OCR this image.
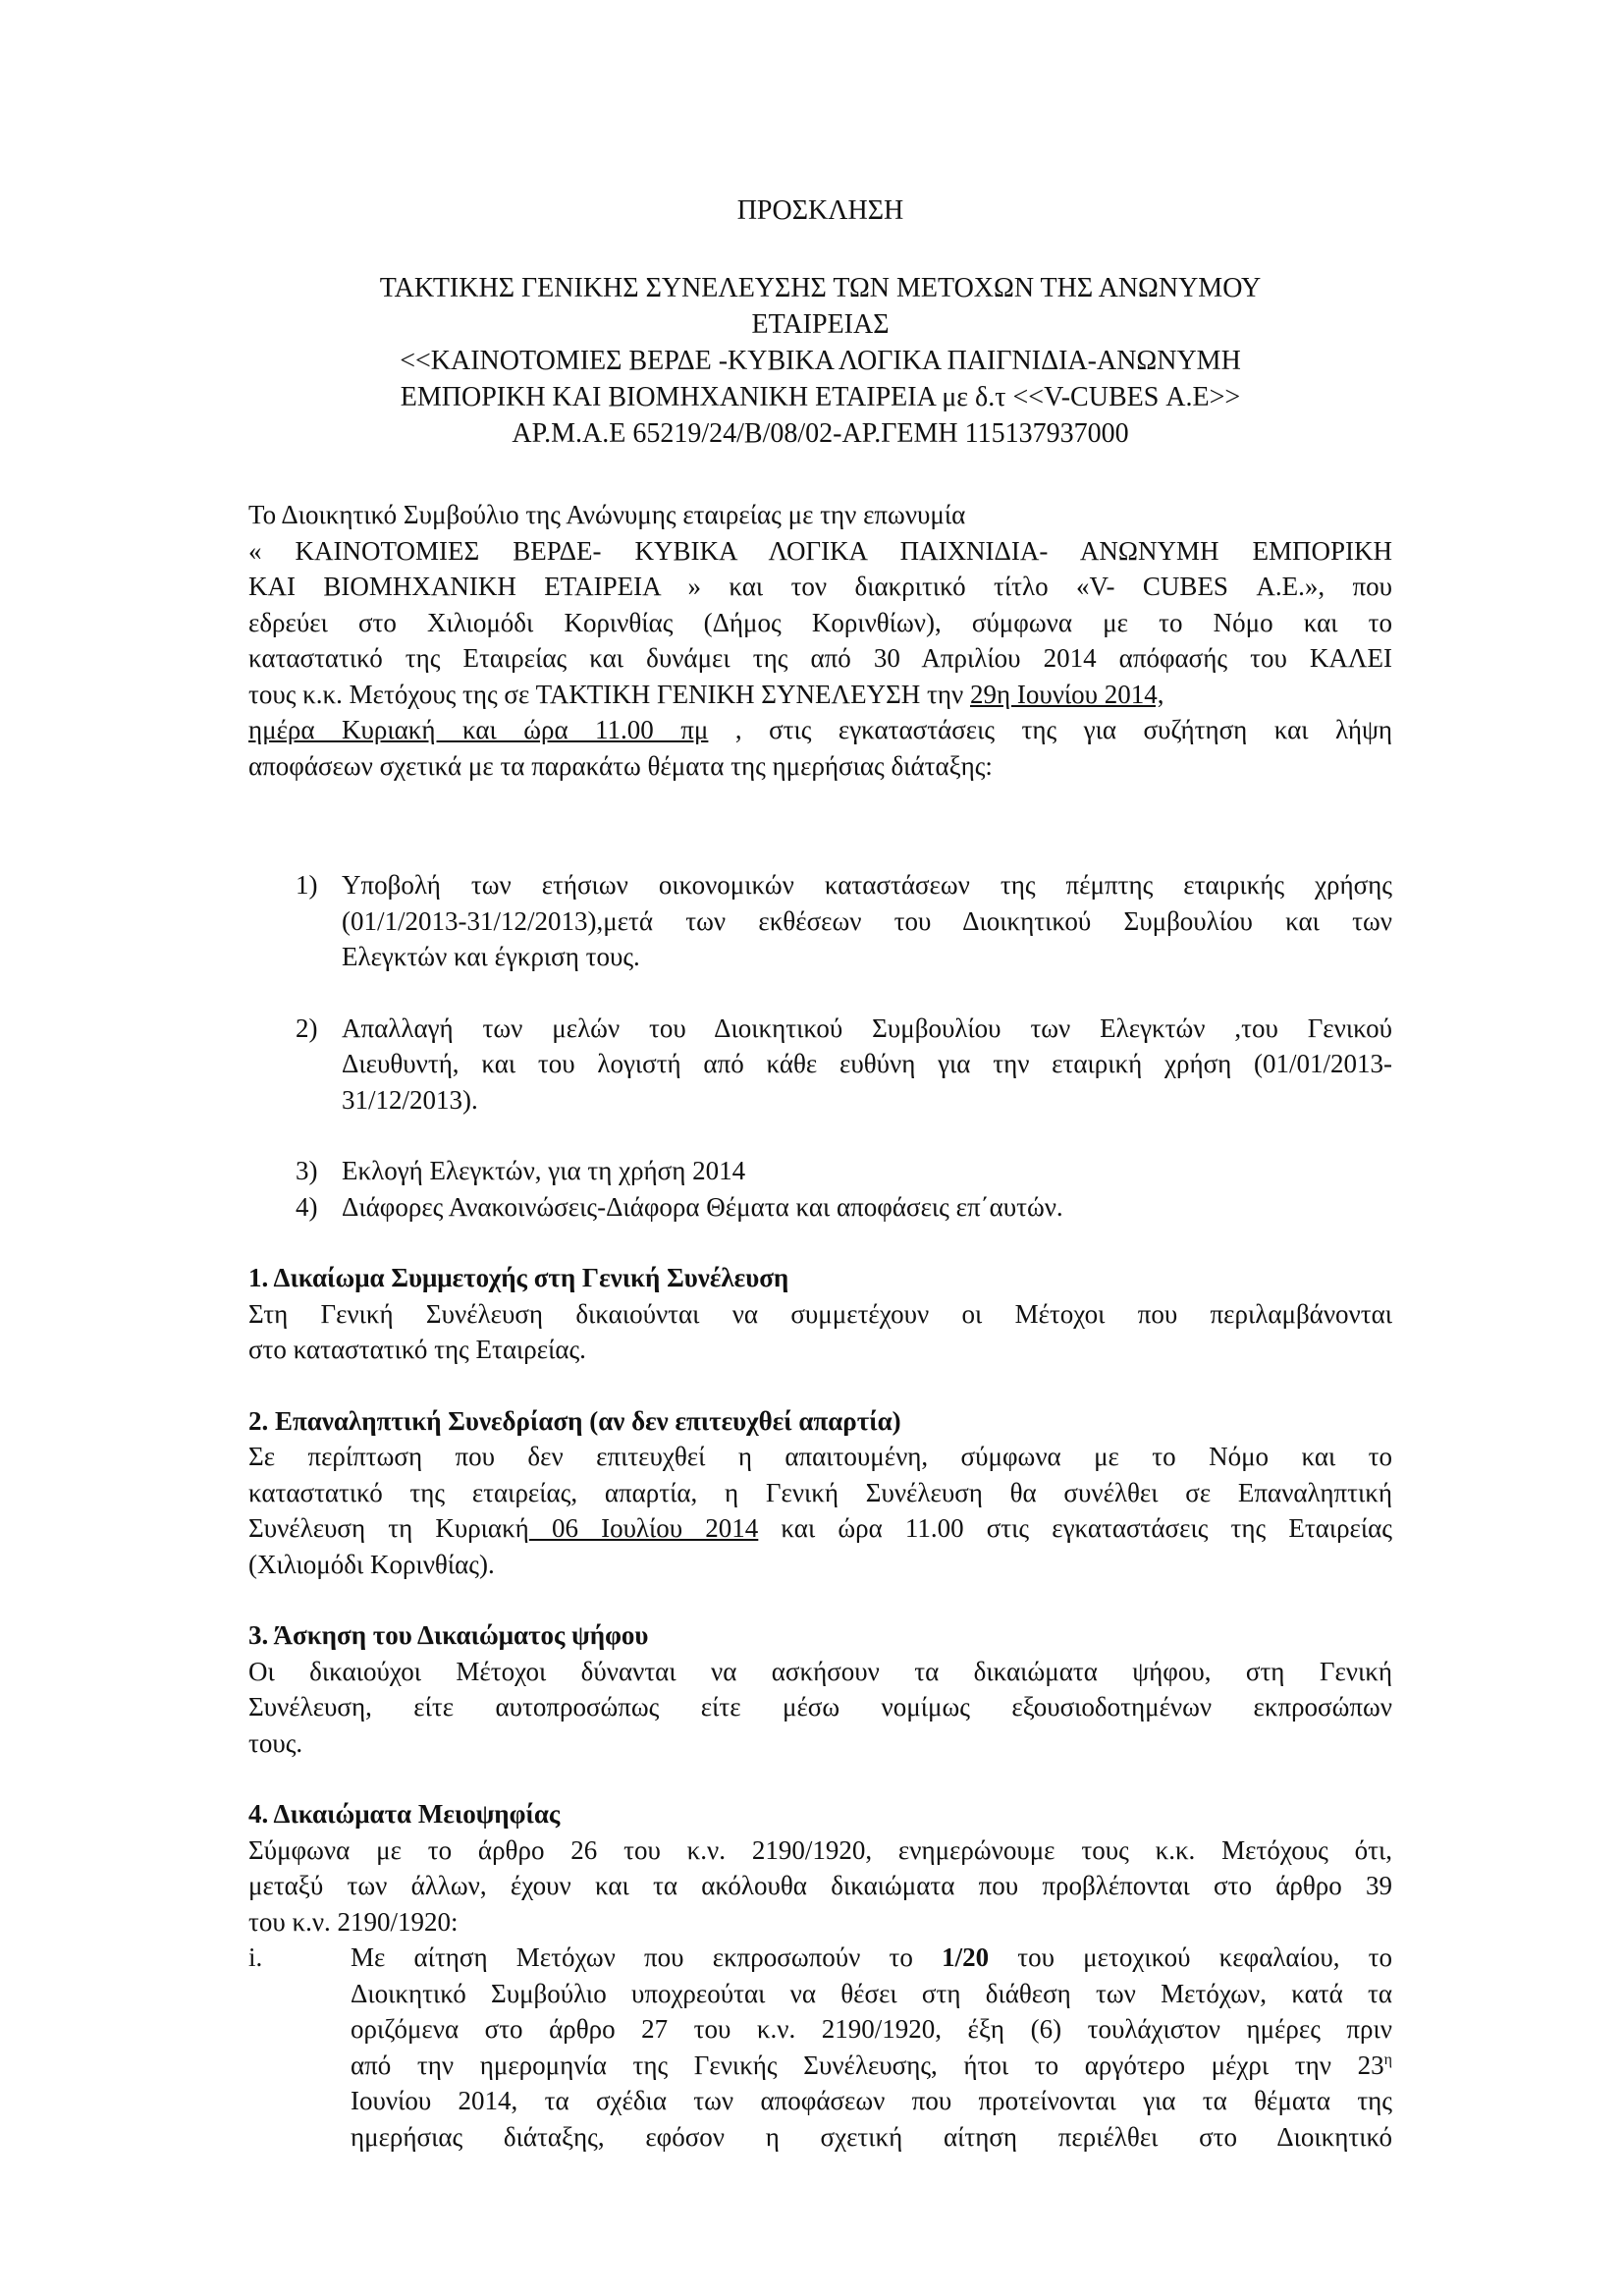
ΠΡΟΣΚΛΗΣΗ

ΤΑΚΤΙΚΗΣ ΓΕΝΙΚΗΣ ΣΥΝΕΛΕΥΣΗΣ ΤΩΝ ΜΕΤΟΧΩΝ ΤΗΣ ΑΝΩΝΥΜΟΥ

ΕΤΑΙΡΕΙΑΣ

<<ΚΑΙΝΟΤΟΜΙΕΣ ΒΕΡΔΕ -ΚΥΒΙΚΑ ΛΟΓΙΚΑ ΠΑΙΓΝΙΔΙΑ-ΑΝΩΝΥΜΗ

ΕΜΠΟΡΙΚΗ ΚΑΙ ΒΙΟΜΗΧΑΝΙΚΗ ΕΤΑΙΡΕΙΑ με δ.τ <<V-CUBES Α.Ε>>

ΑΡ.Μ.Α.Ε 65219/24/Β/08/02-ΑΡ.ΓΕΜΗ 115137937000

Το Διοικητικό Συμβούλιο της Ανώνυμης εταιρείας με την επωνυμία
« ΚΑΙΝΟΤΟΜΙΕΣ ΒΕΡΔΕ- ΚΥΒΙΚΑ ΛΟΓΙΚΑ ΠΑΙΧΝΙΔΙΑ- ΑΝΩΝΥΜΗ ΕΜΠΟΡΙΚΗ
ΚΑΙ ΒΙΟΜΗΧΑΝΙΚΗ ΕΤΑΙΡΕΙΑ » και τον διακριτικό τίτλο «V- CUBES Α.Ε.», που
εδρεύει στο Χιλιομόδι Κορινθίας (Δήμος Κορινθίων), σύμφωνα με το Νόμο και το
καταστατικό της Εταιρείας και δυνάμει της από 30 Απριλίου 2014 απόφασής του ΚΑΛΕΙ
τους κ.κ. Μετόχους της σε ΤΑΚΤΙΚΗ ΓΕΝΙΚΗ ΣΥΝΕΛΕΥΣΗ την 29η Ιουνίου 2014,
ημέρα Κυριακή και ώρα 11.00 πμ , στις εγκαταστάσεις της για συζήτηση και λήψη
αποφάσεων σχετικά με τα παρακάτω θέματα της ημερήσιας διάταξης:
1) Υποβολή των ετήσιων οικονομικών καταστάσεων της πέμπτης εταιρικής χρήσης
(01/1/2013-31/12/2013),μετά των εκθέσεων του Διοικητικού Συμβουλίου και των
Ελεγκτών και έγκριση τους.
2) Απαλλαγή των μελών του Διοικητικού Συμβουλίου των Ελεγκτών ,του Γενικού
Διευθυντή, και του λογιστή από κάθε ευθύνη για την εταιρική χρήση (01/01/2013-
31/12/2013).
3) Εκλογή Ελεγκτών, για τη χρήση 2014
4) Διάφορες Ανακοινώσεις-Διάφορα Θέματα και αποφάσεις επ΄αυτών.

1. Δικαίωμα Συμμετοχής στη Γενική Συνέλευση

Στη Γενική Συνέλευση δικαιούνται να συμμετέχουν οι Μέτοχοι που περιλαμβάνονται
στο καταστατικό της Εταιρείας.

2. Επαναληπτική Συνεδρίαση (αν δεν επιτευχθεί απαρτία)

Σε περίπτωση που δεν επιτευχθεί η απαιτουμένη, σύμφωνα με το Νόμο και το
καταστατικό της εταιρείας, απαρτία, η Γενική Συνέλευση θα συνέλθει σε Επαναληπτική
Συνέλευση τη Κυριακή 06 Ιουλίου 2014 και ώρα 11.00 στις εγκαταστάσεις της Εταιρείας
(Χιλιομόδι Κορινθίας).

3. Άσκηση του Δικαιώματος ψήφου

Οι δικαιούχοι Μέτοχοι δύνανται να ασκήσουν τα δικαιώματα ψήφου, στη Γενική
Συνέλευση, είτε αυτοπροσώπως είτε μέσω νομίμως εξουσιοδοτημένων εκπροσώπων
τους.

4. Δικαιώματα Μειοψηφίας

Σύμφωνα με το άρθρο 26 του κ.ν. 2190/1920, ενημερώνουμε τους κ.κ. Μετόχους ότι,
μεταξύ των άλλων, έχουν και τα ακόλουθα δικαιώματα που προβλέπονται στο άρθρο 39
του κ.ν. 2190/1920:
i.	Με αίτηση Μετόχων που εκπροσωπούν το 1/20 του μετοχικού κεφαλαίου, το
Διοικητικό Συμβούλιο υποχρεούται να θέσει στη διάθεση των Μετόχων, κατά τα
οριζόμενα στο άρθρο 27 του κ.ν. 2190/1920, έξη (6) τουλάχιστον ημέρες πριν
από την ημερομηνία της Γενικής Συνέλευσης, ήτοι το αργότερο μέχρι την $23^\eta$
Ιουνίου 2014, τα σχέδια των αποφάσεων που προτείνονται για τα θέματα της
ημερήσιας διάταξης, εφόσον η σχετική αίτηση περιέλθει στο Διοικητικό
